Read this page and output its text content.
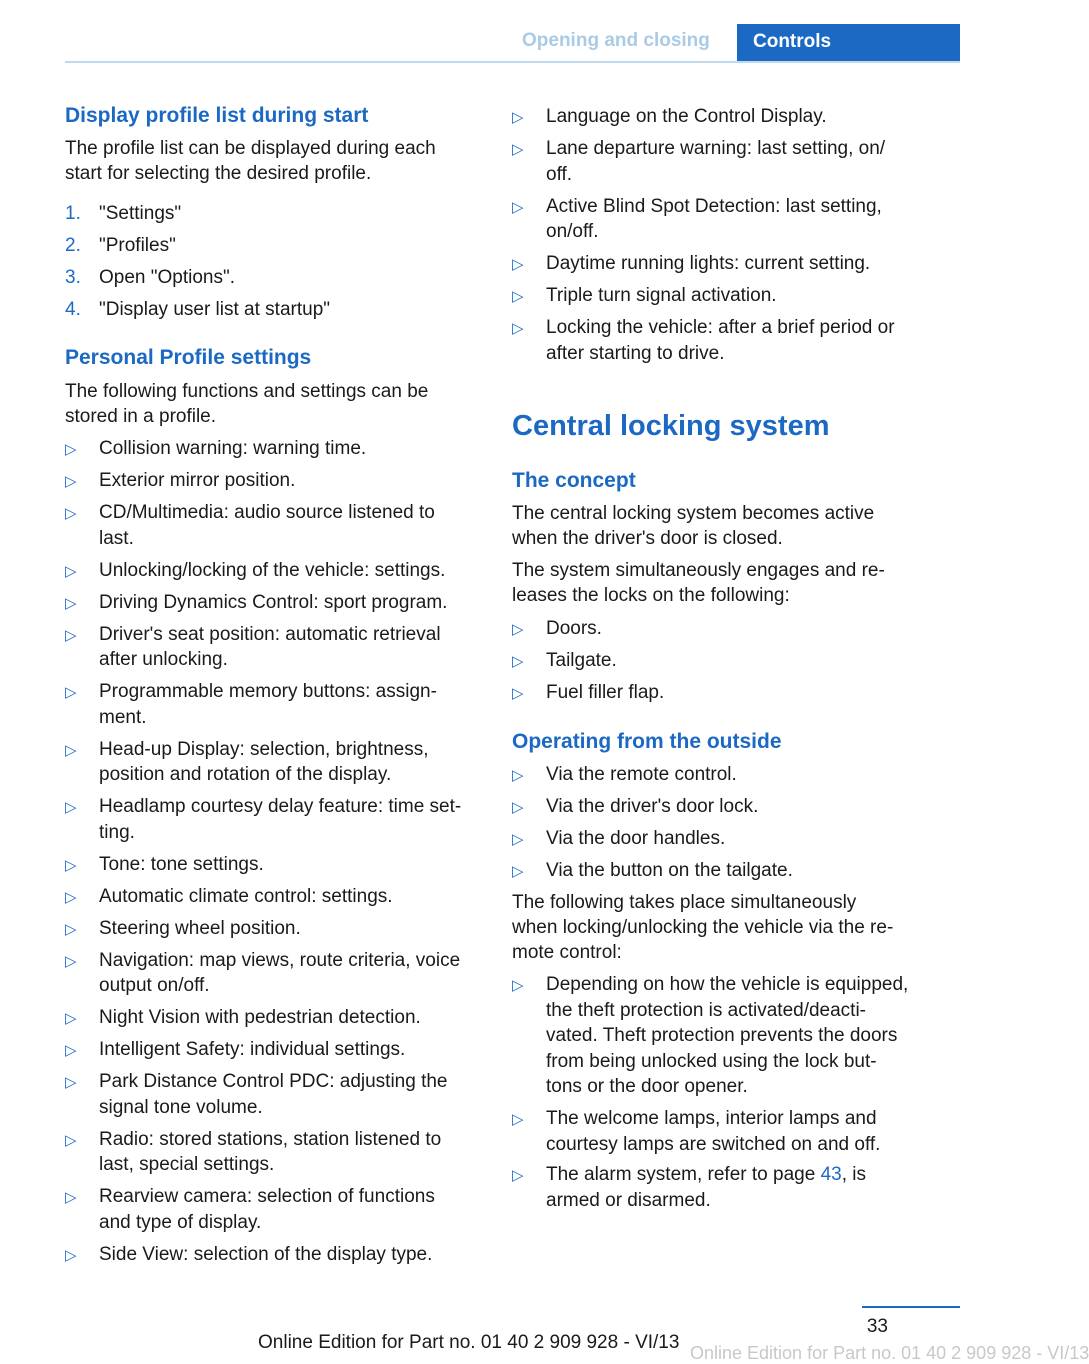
Opening and closing	Controls
Display profile list during start
The profile list can be displayed during each
start for selecting the desired profile.
1. "Settings"
2. "Profiles"
3. Open "Options".
4. "Display user list at startup"
Personal Profile settings
The following functions and settings can be
stored in a profile.
▷ Collision warning: warning time.
▷ Exterior mirror position.
▷ CD/Multimedia: audio source listened to
last.
▷ Unlocking/locking of the vehicle: settings.
▷ Driving Dynamics Control: sport program.
▷ Driver's seat position: automatic retrieval
after unlocking.
▷ Programmable memory buttons: assign‐
ment.
▷ Head-up Display: selection, brightness,
position and rotation of the display.
▷ Headlamp courtesy delay feature: time set‐
ting.
▷ Tone: tone settings.
▷ Automatic climate control: settings.
▷ Steering wheel position.
▷ Navigation: map views, route criteria, voice
output on/off.
▷ Night Vision with pedestrian detection.
▷ Intelligent Safety: individual settings.
▷ Park Distance Control PDC: adjusting the
signal tone volume.
▷ Radio: stored stations, station listened to
last, special settings.
▷ Rearview camera: selection of functions
and type of display.
▷ Side View: selection of the display type.
▷ Language on the Control Display.
▷ Lane departure warning: last setting, on/
off.
▷ Active Blind Spot Detection: last setting,
on/off.
▷ Daytime running lights: current setting.
▷ Triple turn signal activation.
▷ Locking the vehicle: after a brief period or
after starting to drive.
Central locking system
The concept
The central locking system becomes active
when the driver's door is closed.
The system simultaneously engages and re‐
leases the locks on the following:
▷ Doors.
▷ Tailgate.
▷ Fuel filler flap.
Operating from the outside
▷ Via the remote control.
▷ Via the driver's door lock.
▷ Via the door handles.
▷ Via the button on the tailgate.
The following takes place simultaneously
when locking/unlocking the vehicle via the re‐
mote control:
▷ Depending on how the vehicle is equipped,
the theft protection is activated/deacti‐
vated. Theft protection prevents the doors
from being unlocked using the lock but‐
tons or the door opener.
▷ The welcome lamps, interior lamps and
courtesy lamps are switched on and off.
▷ The alarm system, refer to page 43, is
armed or disarmed.
33
Online Edition for Part no. 01 40 2 909 928 - VI/13 Online Edition for Part no. 01 40 2 909 928 - VI/13
